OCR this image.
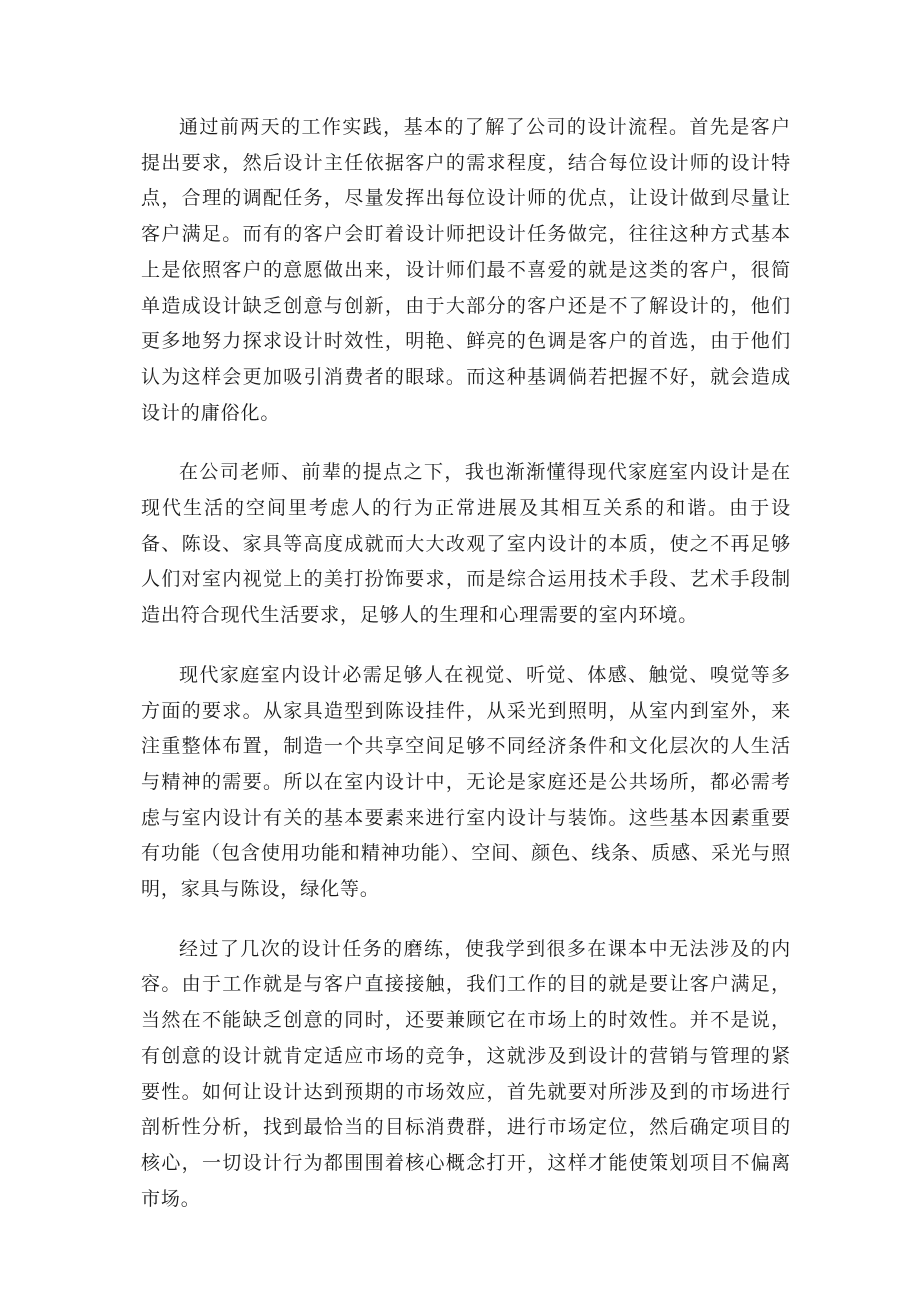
通过前两天的工作实践，基本的了解了公司的设计流程。首先是客户提出要求，然后设计主任依据客户的需求程度，结合每位设计师的设计特点，合理的调配任务，尽量发挥出每位设计师的优点，让设计做到尽量让客户满足。而有的客户会盯着设计师把设计任务做完，往往这种方式基本上是依照客户的意愿做出来，设计师们最不喜爱的就是这类的客户，很简单造成设计缺乏创意与创新，由于大部分的客户还是不了解设计的，他们更多地努力探求设计时效性，明艳、鲜亮的色调是客户的首选，由于他们认为这样会更加吸引消费者的眼球。而这种基调倘若把握不好，就会造成设计的庸俗化。

在公司老师、前辈的提点之下，我也渐渐懂得现代家庭室内设计是在现代生活的空间里考虑人的行为正常进展及其相互关系的和谐。由于设备、陈设、家具等高度成就而大大改观了室内设计的本质，使之不再足够人们对室内视觉上的美打扮饰要求，而是综合运用技术手段、艺术手段制造出符合现代生活要求，足够人的生理和心理需要的室内环境。

现代家庭室内设计必需足够人在视觉、听觉、体感、触觉、嗅觉等多方面的要求。从家具造型到陈设挂件，从采光到照明，从室内到室外，来注重整体布置，制造一个共享空间足够不同经济条件和文化层次的人生活与精神的需要。所以在室内设计中，无论是家庭还是公共场所，都必需考虑与室内设计有关的基本要素来进行室内设计与装饰。这些基本因素重要有功能（包含使用功能和精神功能）、空间、颜色、线条、质感、采光与照明，家具与陈设，绿化等。

经过了几次的设计任务的磨练，使我学到很多在课本中无法涉及的内容。由于工作就是与客户直接接触，我们工作的目的就是要让客户满足，当然在不能缺乏创意的同时，还要兼顾它在市场上的时效性。并不是说，有创意的设计就肯定适应市场的竞争，这就涉及到设计的营销与管理的紧要性。如何让设计达到预期的市场效应，首先就要对所涉及到的市场进行剖析性分析，找到最恰当的目标消费群，进行市场定位，然后确定项目的核心，一切设计行为都围围着核心概念打开，这样才能使策划项目不偏离市场。
